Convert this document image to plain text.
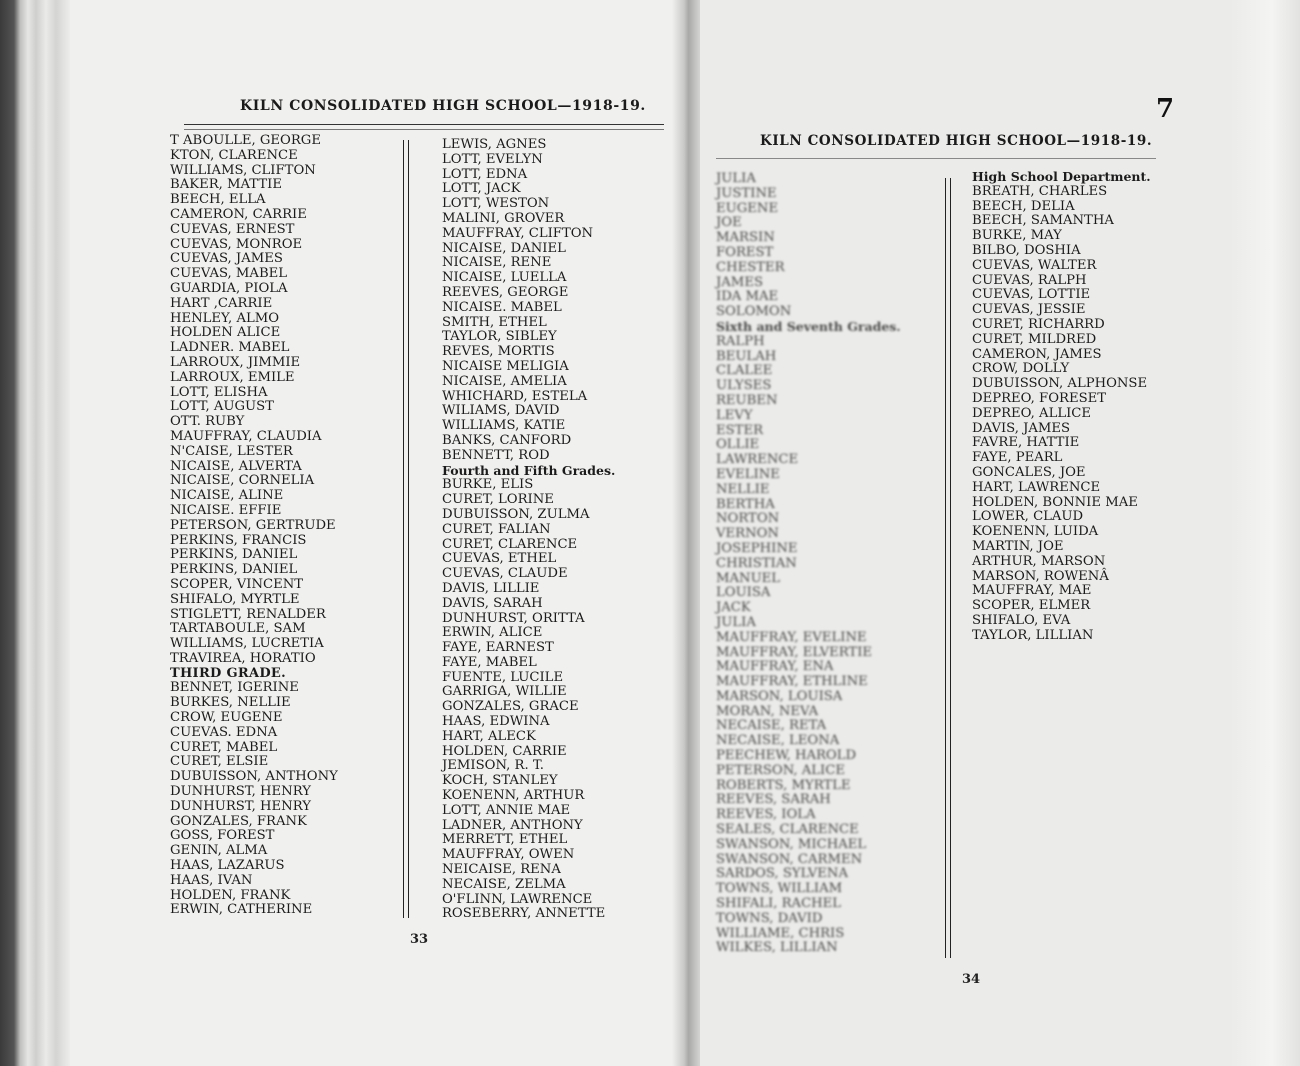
KILN CONSOLIDATED HIGH SCHOOL—1918-19.
T ABOULLE, GEORGE
KTON, CLARENCE
WILLIAMS, CLIFTON
BAKER, MATTIE
BEECH, ELLA
CAMERON, CARRIE
CUEVAS, ERNEST
CUEVAS, MONROE
CUEVAS, JAMES
CUEVAS, MABEL
GUARDIA, PIOLA
HART ,CARRIE
HENLEY, ALMO
HOLDEN ALICE
LADNER. MABEL
LARROUX, JIMMIE
LARROUX, EMILE
LOTT, ELISHA
LOTT, AUGUST
OTT. RUBY
MAUFFRAY, CLAUDIA
N'CAISE, LESTER
NICAISE, ALVERTA
NICAISE, CORNELIA
NICAISE, ALINE
NICAISE. EFFIE
PETERSON, GERTRUDE
PERKINS, FRANCIS
PERKINS, DANIEL
PERKINS, DANIEL
SCOPER, VINCENT
SHIFALO, MYRTLE
STIGLETT, RENALDER
TARTABOULE, SAM
WILLIAMS, LUCRETIA
TRAVIREA, HORATIO
THIRD GRADE.
BENNET, IGERINE
BURKES, NELLIE
CROW, EUGENE
CUEVAS. EDNA
CURET, MABEL
CURET, ELSIE
DUBUISSON, ANTHONY
DUNHURST, HENRY
DUNHURST, HENRY
GONZALES, FRANK
GOSS, FOREST
GENIN, ALMA
HAAS, LAZARUS
HAAS, IVAN
HOLDEN, FRANK
ERWIN, CATHERINE
LEWIS, AGNES
LOTT, EVELYN
LOTT, EDNA
LOTT, JACK
LOTT, WESTON
MALINI, GROVER
MAUFFRAY, CLIFTON
NICAISE, DANIEL
NICAISE, RENE
NICAISE, LUELLA
REEVES, GEORGE
NICAISE. MABEL
SMITH, ETHEL
TAYLOR, SIBLEY
REVES, MORTIS
NICAISE MELIGIA
NICAISE, AMELIA
WHICHARD, ESTELA
WILIAMS, DAVID
WILLIAMS, KATIE
BANKS, CANFORD
BENNETT, ROD
Fourth and Fifth Grades.
BURKE, ELIS
CURET, LORINE
DUBUISSON, ZULMA
CURET, FALIAN
CURET, CLARENCE
CUEVAS, ETHEL
CUEVAS, CLAUDE
DAVIS, LILLIE
DAVIS, SARAH
DUNHURST, ORITTA
ERWIN, ALICE
FAYE, EARNEST
FAYE, MABEL
FUENTE, LUCILE
GARRIGA, WILLIE
GONZALES, GRACE
HAAS, EDWINA
HART, ALECK
HOLDEN, CARRIE
JEMISON, R. T.
KOCH, STANLEY
KOENENN, ARTHUR
LOTT, ANNIE MAE
LADNER, ANTHONY
MERRETT, ETHEL
MAUFFRAY, OWEN
NEICAISE, RENA
NECAISE, ZELMA
O'FLINN, LAWRENCE
ROSEBERRY, ANNETTE
33
7
KILN CONSOLIDATED HIGH SCHOOL—1918-19.
JULIA
JUSTINE
EUGENE
JOE
MARSIN
FOREST
CHESTER
JAMES
IDA MAE
SOLOMON
Sixth and Seventh Grades.
RALPH
BEULAH
CLALEE
ULYSES
REUBEN
LEVY
ESTER
OLLIE
LAWRENCE
EVELINE
NELLIE
BERTHA
NORTON
VERNON
JOSEPHINE
CHRISTIAN
MANUEL
LOUISA
JACK
JULIA
MAUFFRAY, EVELINE
MAUFFRAY, ELVERTIE
MAUFFRAY, ENA
MAUFFRAY, ETHLINE
MARSON, LOUISA
MORAN, NEVA
NECAISE, RETA
NECAISE, LEONA
PEECHEW, HAROLD
PETERSON, ALICE
ROBERTS, MYRTLE
REEVES, SARAH
REEVES, IOLA
SEALES, CLARENCE
SWANSON, MICHAEL
SWANSON, CARMEN
SARDOS, SYLVENA
TOWNS, WILLIAM
SHIFALI, RACHEL
TOWNS, DAVID
WILLIAME, CHRIS
WILKES, LILLIAN
High School Department.
BREATH, CHARLES
BEECH, DELIA
BEECH, SAMANTHA
BURKE, MAY
BILBO, DOSHIA
CUEVAS, WALTER
CUEVAS, RALPH
CUEVAS, LOTTIE
CUEVAS, JESSIE
CURET, RICHARRD
CURET, MILDRED
CAMERON, JAMES
CROW, DOLLY
DUBUISSON, ALPHONSE
DEPREO, FORESET
DEPREO, ALLICE
DAVIS, JAMES
FAVRE, HATTIE
FAYE, PEARL
GONCALES, JOE
HART, LAWRENCE
HOLDEN, BONNIE MAE
LOWER, CLAUD
KOENENN, LUIDA
MARTIN, JOE
ARTHUR, MARSON
MARSON, ROWENÂ
MAUFFRAY, MAE
SCOPER, ELMER
SHIFALO, EVA
TAYLOR, LILLIAN
34
